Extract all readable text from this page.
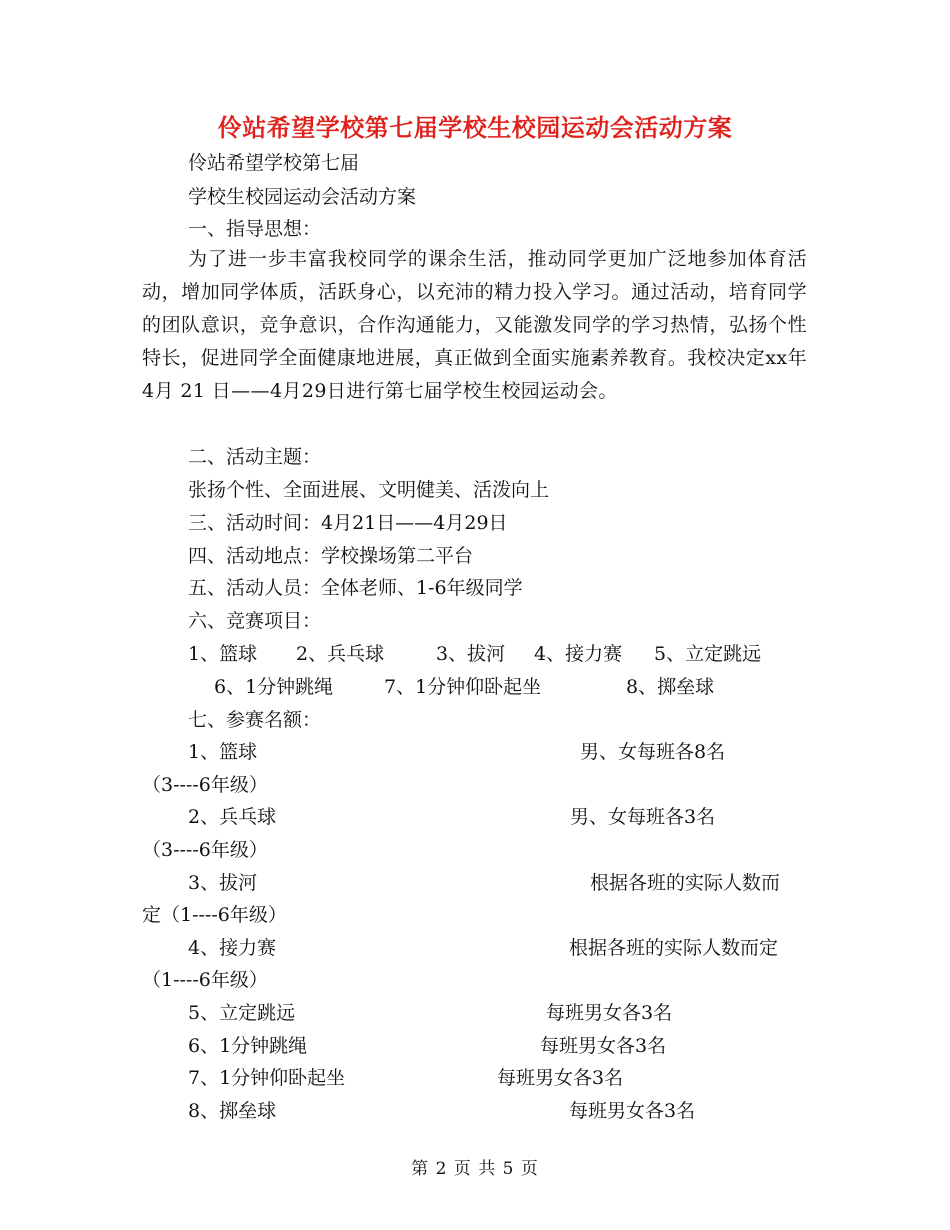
伶站希望学校第七届学校生校园运动会活动方案
伶站希望学校第七届
学校生校园运动会活动方案
一、指导思想：
为了进一步丰富我校同学的课余生活，推动同学更加广泛地参加体育活动，增加同学体质，活跃身心，以充沛的精力投入学习。通过活动，培育同学的团队意识，竞争意识，合作沟通能力，又能激发同学的学习热情，弘扬个性特长，促进同学全面健康地进展，真正做到全面实施素养教育。我校决定xx年4月 21 日——4月29日进行第七届学校生校园运动会。
二、活动主题：
张扬个性、全面进展、文明健美、活泼向上
三、活动时间：4月21日——4月29日
四、活动地点：学校操场第二平台
五、活动人员：全体老师、1-6年级同学
六、竞赛项目：
1、篮球 2、兵乓球	3、拔河 4、接力赛 5、立定跳远
6、1分钟跳绳	7、1分钟仰卧起坐	8、掷垒球
七、参赛名额：
1、篮球	男、女每班各8名
（3----6年级）
2、兵乓球	男、女每班各3名
（3----6年级）
3、拔河	根据各班的实际人数而
定（1----6年级）
4、接力赛	根据各班的实际人数而定
（1----6年级）
5、立定跳远	每班男女各3名
6、1分钟跳绳	每班男女各3名
7、1分钟仰卧起坐	每班男女各3名
8、掷垒球	每班男女各3名
第 2 页 共 5 页
